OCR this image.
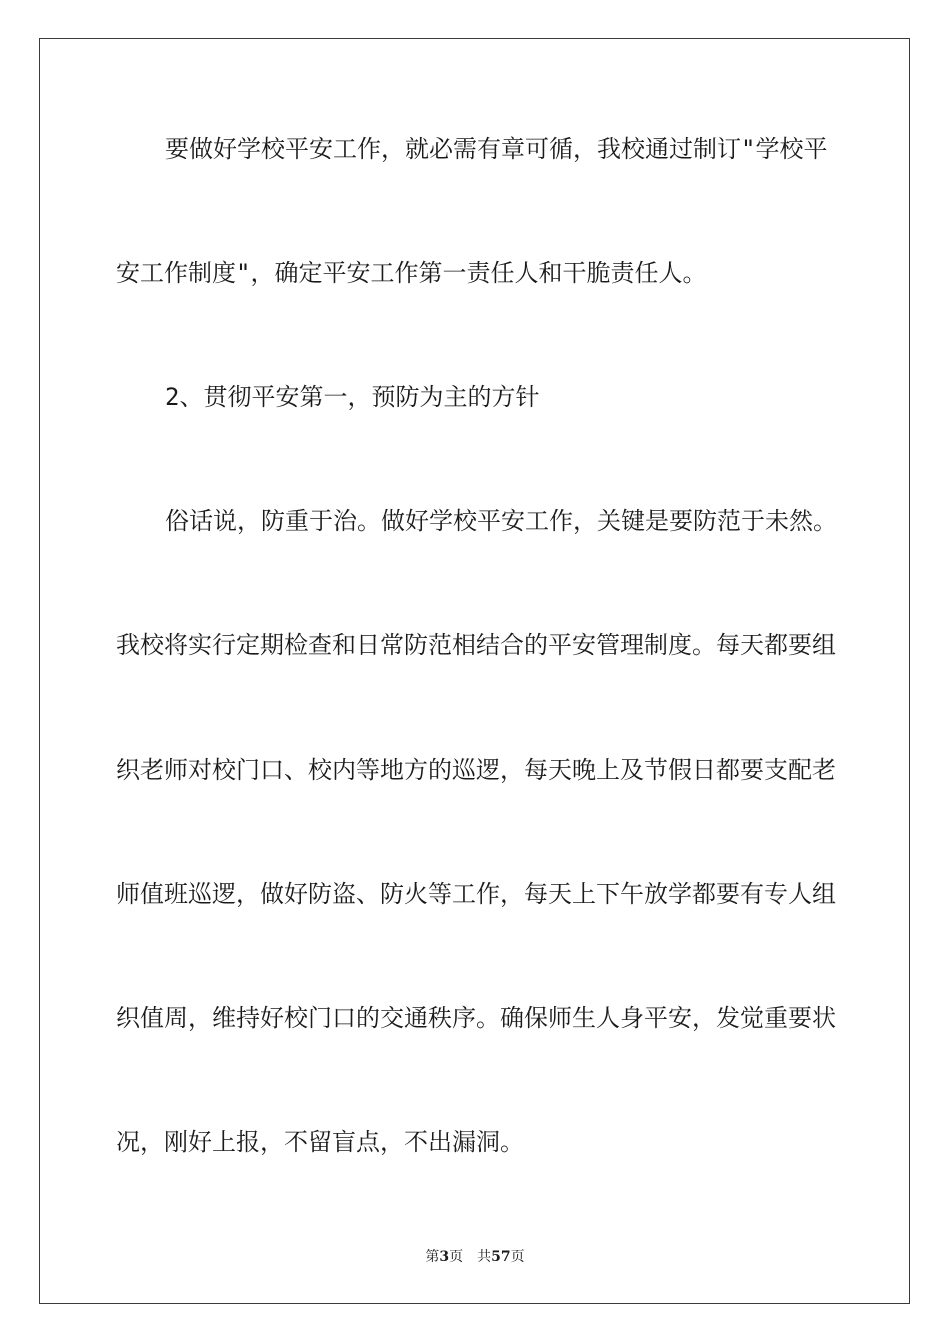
要做好学校平安工作，就必需有章可循，我校通过制订"学校平
安工作制度"，确定平安工作第一责任人和干脆责任人。
2、贯彻平安第一，预防为主的方针
俗话说，防重于治。做好学校平安工作，关键是要防范于未然。
我校将实行定期检查和日常防范相结合的平安管理制度。每天都要组
织老师对校门口、校内等地方的巡逻，每天晚上及节假日都要支配老
师值班巡逻，做好防盗、防火等工作，每天上下午放学都要有专人组
织值周，维持好校门口的交通秩序。确保师生人身平安，发觉重要状
况，刚好上报，不留盲点，不出漏洞。
第3页 共57页
